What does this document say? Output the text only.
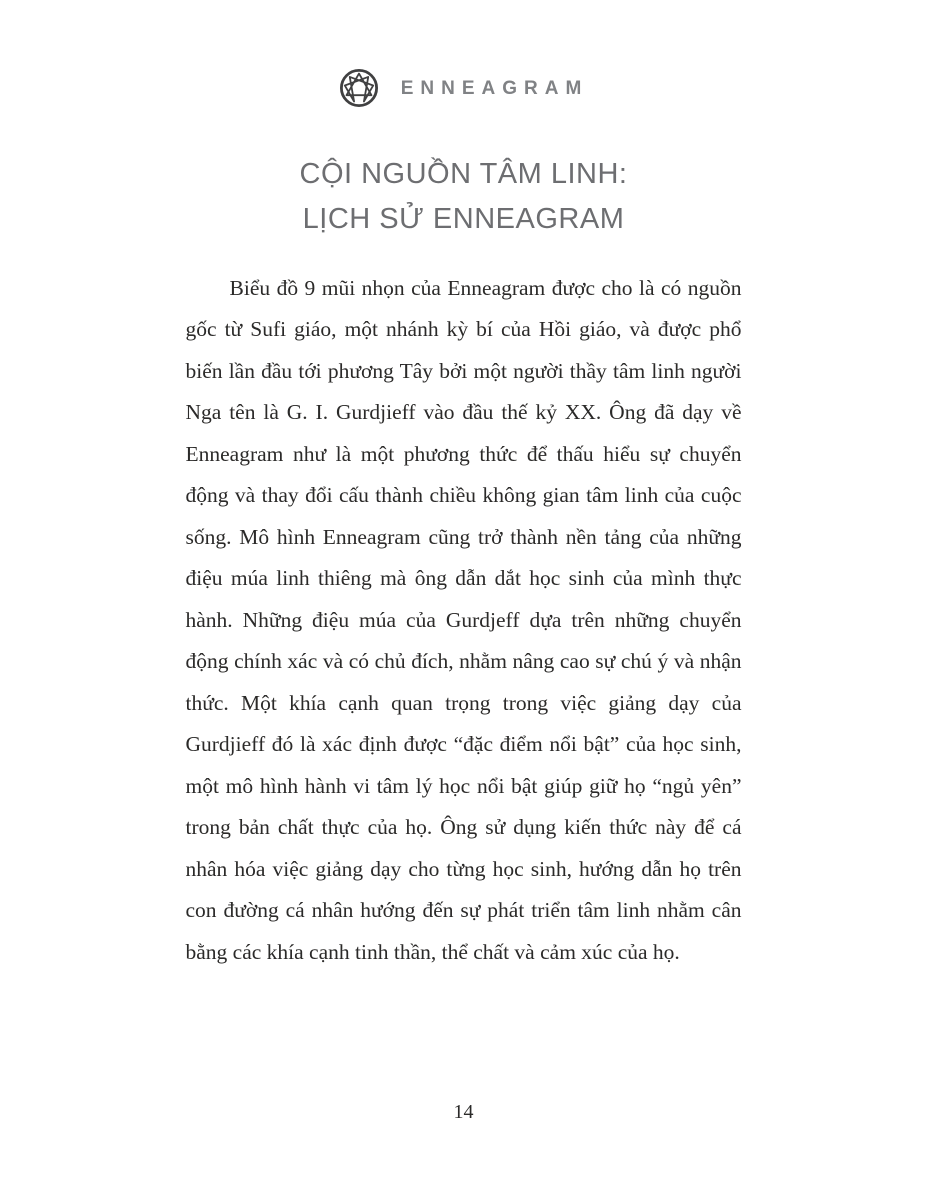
ENNEAGRAM
CỘI NGUỒN TÂM LINH:
LỊCH SỬ ENNEAGRAM

Biểu đồ 9 mũi nhọn của Enneagram được cho là có nguồn gốc từ Sufi giáo, một nhánh kỳ bí của Hồi giáo, và được phổ biến lần đầu tới phương Tây bởi một người thầy tâm linh người Nga tên là G. I. Gurdjieff vào đầu thế kỷ XX. Ông đã dạy về Enneagram như là một phương thức để thấu hiểu sự chuyển động và thay đổi cấu thành chiều không gian tâm linh của cuộc sống. Mô hình Enneagram cũng trở thành nền tảng của những điệu múa linh thiêng mà ông dẫn dắt học sinh của mình thực hành. Những điệu múa của Gurdjeff dựa trên những chuyển động chính xác và có chủ đích, nhằm nâng cao sự chú ý và nhận thức. Một khía cạnh quan trọng trong việc giảng dạy của Gurdjieff đó là xác định được “đặc điểm nổi bật” của học sinh, một mô hình hành vi tâm lý học nổi bật giúp giữ họ “ngủ yên” trong bản chất thực của họ. Ông sử dụng kiến thức này để cá nhân hóa việc giảng dạy cho từng học sinh, hướng dẫn họ trên con đường cá nhân hướng đến sự phát triển tâm linh nhằm cân bằng các khía cạnh tinh thần, thể chất và cảm xúc của họ.

14
